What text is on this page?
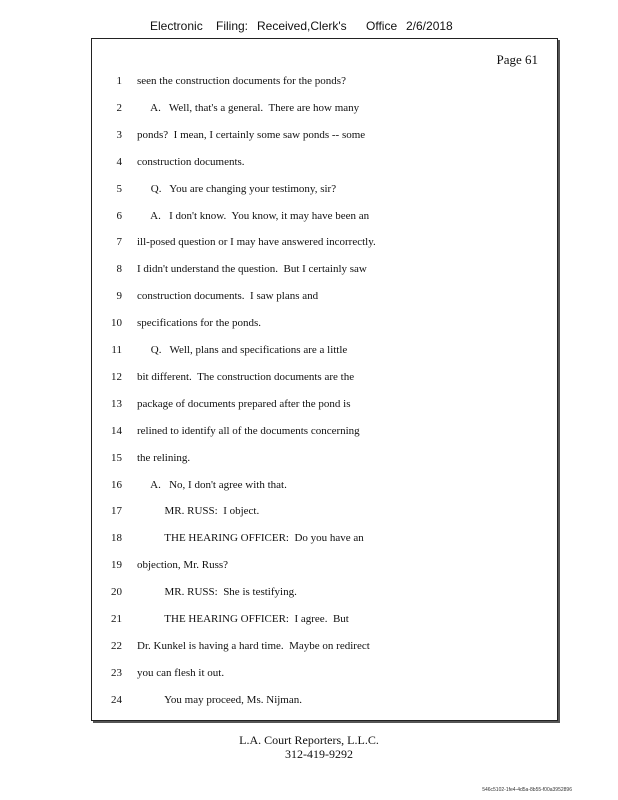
Electronic Filing: Received,Clerk's Office 2/6/2018
Page 61
1 seen the construction documents for the ponds?
2 A.   Well, that's a general.  There are how many
3 ponds?  I mean, I certainly some saw ponds -- some
4 construction documents.
5 Q.   You are changing your testimony, sir?
6 A.   I don't know.  You know, it may have been an
7 ill-posed question or I may have answered incorrectly.
8 I didn't understand the question.  But I certainly saw
9 construction documents.  I saw plans and
10 specifications for the ponds.
11 Q.   Well, plans and specifications are a little
12 bit different.  The construction documents are the
13 package of documents prepared after the pond is
14 relined to identify all of the documents concerning
15 the relining.
16 A.   No, I don't agree with that.
17 MR. RUSS:  I object.
18 THE HEARING OFFICER:  Do you have an
19 objection, Mr. Russ?
20 MR. RUSS:  She is testifying.
21 THE HEARING OFFICER:  I agree.  But
22 Dr. Kunkel is having a hard time.  Maybe on redirect
23 you can flesh it out.
24 You may proceed, Ms. Nijman.
L.A. Court Reporters, L.L.C.
312-419-9292
546c5102-1fe4-4d5a-8b55-f00a3952896
